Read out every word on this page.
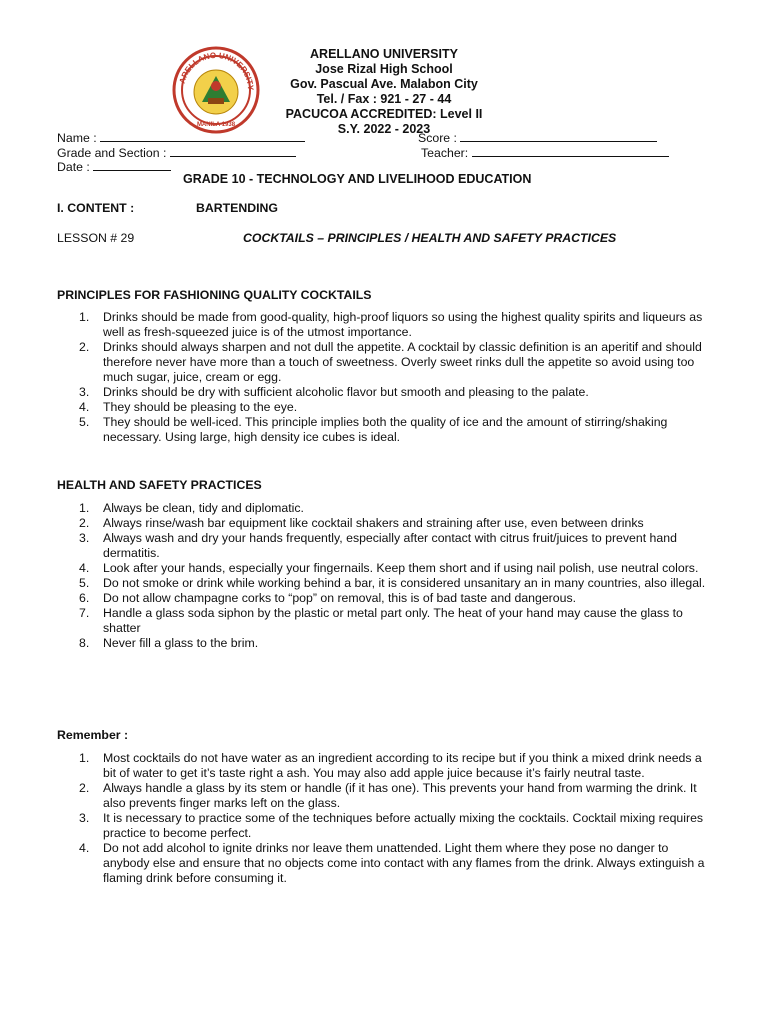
ARELLANO UNIVERSITY
MANILA 1938
ARELLANO UNIVERSITY
Jose Rizal High School
Gov. Pascual Ave. Malabon City
Tel. / Fax : 921 - 27 - 44
PACUCOA ACCREDITED: Level II
S.Y. 2022 - 2023
Name :	Score :
Grade and Section :	Teacher:
Date :
GRADE 10 - TECHNOLOGY AND LIVELIHOOD EDUCATION
I. CONTENT :	BARTENDING
LESSON # 29	COCKTAILS – PRINCIPLES / HEALTH AND SAFETY PRACTICES
PRINCIPLES FOR FASHIONING QUALITY COCKTAILS
1. Drinks should be made from good-quality, high-proof liquors so using the highest quality spirits and liqueurs as well as fresh-squeezed juice is of the utmost importance.
2. Drinks should always sharpen and not dull the appetite. A cocktail by classic definition is an aperitif and should therefore never have more than a touch of sweetness. Overly sweet rinks dull the appetite so avoid using too much sugar, juice, cream or egg.
3. Drinks should be dry with sufficient alcoholic flavor but smooth and pleasing to the palate.
4. They should be pleasing to the eye.
5. They should be well-iced. This principle implies both the quality of ice and the amount of stirring/shaking necessary. Using large, high density ice cubes is ideal.
HEALTH AND SAFETY PRACTICES
1. Always be clean, tidy and diplomatic.
2. Always rinse/wash bar equipment like cocktail shakers and straining after use, even between drinks
3. Always wash and dry your hands frequently, especially after contact with citrus fruit/juices to prevent hand dermatitis.
4. Look after your hands, especially your fingernails. Keep them short and if using nail polish, use neutral colors.
5. Do not smoke or drink while working behind a bar, it is considered unsanitary an in many countries, also illegal.
6. Do not allow champagne corks to “pop” on removal, this is of bad taste and dangerous.
7. Handle a glass soda siphon by the plastic or metal part only. The heat of your hand may cause the glass to shatter
8. Never fill a glass to the brim.
Remember :
1. Most cocktails do not have water as an ingredient according to its recipe but if you think a mixed drink needs a bit of water to get it’s taste right a ash. You may also add apple juice because it’s fairly neutral taste.
2. Always handle a glass by its stem or handle (if it has one). This prevents your hand from warming the drink. It also prevents finger marks left on the glass.
3. It is necessary to practice some of the techniques before actually mixing the cocktails. Cocktail mixing requires practice to become perfect.
4. Do not add alcohol to ignite drinks nor leave them unattended. Light them where they pose no danger to anybody else and ensure that no objects come into contact with any flames from the drink. Always extinguish a flaming drink before consuming it.
